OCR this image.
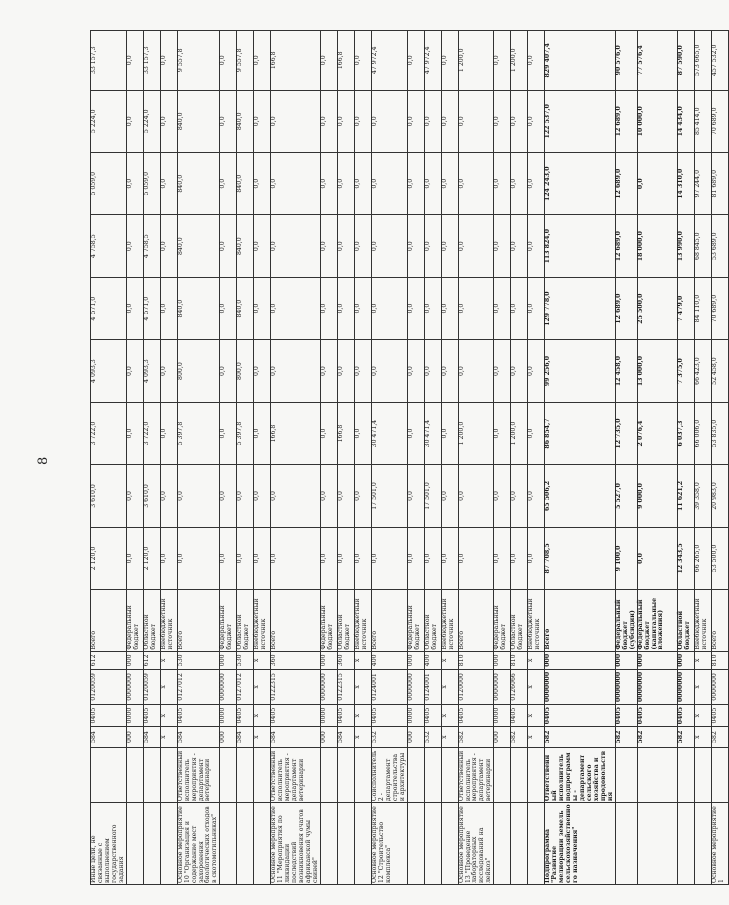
8
Иные цели, не связанные с выполнением государственного задания		584	0405	0120059	612	Всего	2 120,0	3 610,0	3 722,0	4 093,3	4 571,0	4 758,5	5 059,0	5 224,0	33 157,3
		000	0000	0000000	000	Федеральный бюджет	0,0	0,0	0,0	0,0	0,0	0,0	0,0	0,0	0,0
		584	0405	0120059	612	Областной бюджет	2 120,0	3 610,0	3 722,0	4 093,3	4 571,0	4 758,5	5 059,0	5 224,0	33 157,3
		х	х	х	х	Внебюджетный источник	0,0	0,0	0,0	0,0	0,0	0,0	0,0	0,0	0,0
Основное мероприятие 10 "Организация и содержание мест захоронения биологических отходов в скотомогильниках"	Ответственный исполнитель мероприятия - департамент ветеринарии	584	0405	0127012	530	Всего	0,0	0,0	5 397,8	800,0	840,0	840,0	840,0	840,0	9 557,8
		000	0000	0000000	000	Федеральный бюджет	0,0	0,0	0,0	0,0	0,0	0,0	0,0	0,0	0,0
		584	0405	0127012	530	Областной бюджет	0,0	0,0	5 397,8	800,0	840,0	840,0	840,0	840,0	9 557,8
		х	х	х	х	Внебюджетный источник	0,0	0,0	0,0	0,0	0,0	0,0	0,0	0,0	0,0
Основное мероприятие 11 "Мероприятия по ликвидации последствий возникновения очагов африканской чумы свиней"	Ответственный исполнитель мероприятия - департамент ветеринарии	584	0405	0122315	360	Всего	0,0	0,0	166,8	0,0	0,0	0,0	0,0	0,0	166,8
		000	0000	0000000	000	Федеральный бюджет	0,0	0,0	0,0	0,0	0,0	0,0	0,0	0,0	0,0
		584	0405	0122315	360	Областной бюджет	0,0	0,0	166,8	0,0	0,0	0,0	0,0	0,0	166,8
		х	х	х	х	Внебюджетный источник	0,0	0,0	0,0	0,0	0,0	0,0	0,0	0,0	0,0
Основное мероприятие 12 "Строительство комплекса"	Соисполнитель 2 - департамент строительства и архитектуры	532	0405	0124001	400	Всего	0,0	17 501,0	30 471,4	0,0	0,0	0,0	0,0	0,0	47 972,4
		000	0000	0000000	000	Федеральный бюджет	0,0	0,0	0,0	0,0	0,0	0,0	0,0	0,0	0,0
		532	0405	0124001	400	Областной бюджет	0,0	17 501,0	30 471,4	0,0	0,0	0,0	0,0	0,0	47 972,4
		х	х	х	х	Внебюджетный источник	0,0	0,0	0,0	0,0	0,0	0,0	0,0	0,0	0,0
Основное мероприятие 13 "Проведение лабораторных исследований на лейкоз"	Ответственный исполнитель мероприятия - департамент ветеринарии	582	0405	0120000	810	Всего	0,0	0,0	1 200,0	0,0	0,0	0,0	0,0	0,0	1 200,0
		000	0000	0000000	000	Федеральный бюджет	0,0	0,0	0,0	0,0	0,0	0,0	0,0	0,0	0,0
		582	0405	0126066	810	Областной бюджет	0,0	0,0	1 200,0	0,0	0,0	0,0	0,0	0,0	1 200,0
		х	х	х	х	Внебюджетный источник	0,0	0,0	0,0	0,0	0,0	0,0	0,0	0,0	0,0
Подпрограмма "Развитие мелиорации земель сельскохозяйственного назначения"	Ответственный исполнитель подпрограммы - департамент сельского хозяйства и продовольствия	582	0405	0000000	000	Всего	87 708,5	65 506,2	86 854,7	99 256,0	129 778,0	113 824,0	124 243,0	122 537,0	829 407,4
		582	0405	0000000	000	Федеральный бюджет (субсидии)	9 100,0	5 527,0	12 735,0	12 458,0	12 689,0	12 689,0	12 689,0	12 689,0	90 576,0
		582	0405	0000000	000	Федеральный бюджет (капитальные вложения)	0,0	9 000,0	2 076,4	13 000,0	25 500,0	18 000,0	0,0	10 000,0	77 576,4
		582	0405	0000000	000	Областной бюджет	12 343,5	11 621,2	6 037,3	7 375,0	7 479,0	13 990,0	14 310,0	14 434,0	87 590,0
		х	х	х	х	Внебюджетный источник	66 265,0	39 358,0	66 006,0	66 423,0	84 110,0	68 845,0	97 244,0	85 414,0	573 665,0
Основное мероприятие 1		582	0405	0000000	810	Всего	53 500,0	20 983,0	53 835,0	52 458,0	70 689,0	53 689,0	81 689,0	70 689,0	457 532,0
